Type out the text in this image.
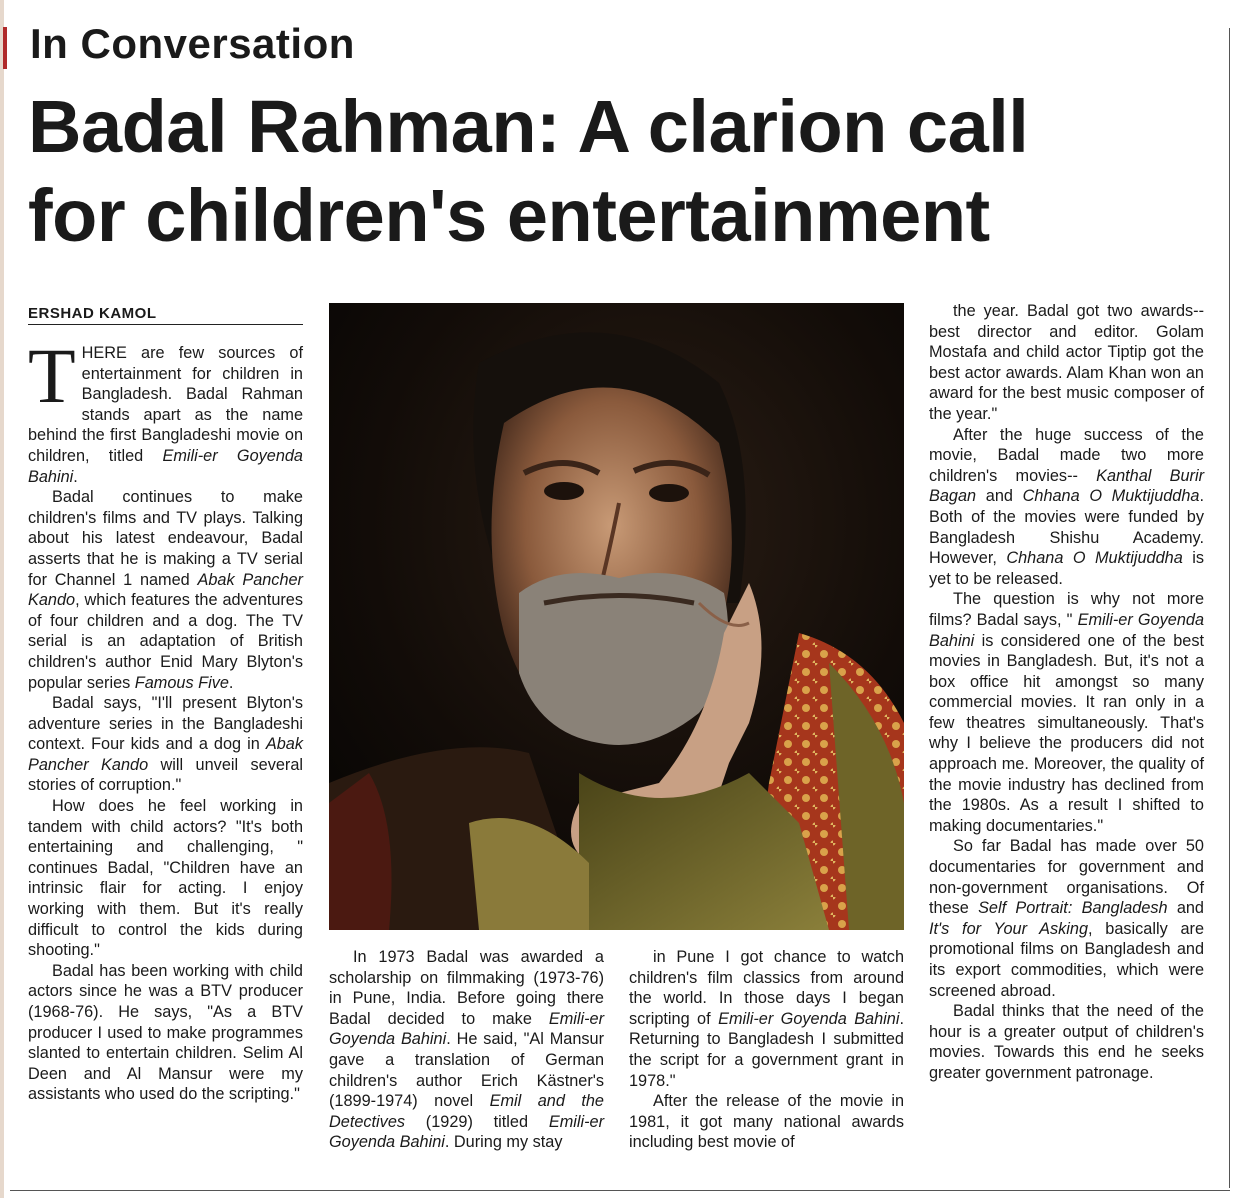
In Conversation
Badal Rahman: A clarion call
for children's entertainment
ERSHAD KAMOL

THERE are few sources of entertainment for children in Bangladesh. Badal Rahman stands apart as the name behind the first Bangladeshi movie on children, titled Emili-er Goyenda Bahini.

Badal continues to make children's films and TV plays. Talking about his latest endeavour, Badal asserts that he is making a TV serial for Channel 1 named Abak Pancher Kando, which features the adventures of four children and a dog. The TV serial is an adaptation of British children's author Enid Mary Blyton's popular series Famous Five.

Badal says, "I'll present Blyton's adventure series in the Bangladeshi context. Four kids and a dog in Abak Pancher Kando will unveil several stories of corruption."

How does he feel working in tandem with child actors? "It's both entertaining and challenging, " continues Badal, "Children have an intrinsic flair for acting. I enjoy working with them. But it's really difficult to control the kids during shooting."

Badal has been working with child actors since he was a BTV producer (1968-76). He says, "As a BTV producer I used to make programmes slanted to entertain children. Selim Al Deen and Al Mansur were my assistants who used do the scripting."

In 1973 Badal was awarded a scholarship on filmmaking (1973-76) in Pune, India. Before going there Badal decided to make Emili-er Goyenda Bahini. He said, "Al Mansur gave a translation of German children's author Erich Kästner's (1899-1974) novel Emil and the Detectives (1929) titled Emili-er Goyenda Bahini. During my stay

in Pune I got chance to watch children's film classics from around the world. In those days I began scripting of Emili-er Goyenda Bahini. Returning to Bangladesh I submitted the script for a government grant in 1978."

After the release of the movie in 1981, it got many national awards including best movie of

the year. Badal got two awards--best director and editor. Golam Mostafa and child actor Tiptip got the best actor awards. Alam Khan won an award for the best music composer of the year."

After the huge success of the movie, Badal made two more children's movies-- Kanthal Burir Bagan and Chhana O Muktijuddha. Both of the movies were funded by Bangladesh Shishu Academy. However, Chhana O Muktijuddha is yet to be released.

The question is why not more films? Badal says, " Emili-er Goyenda Bahini is considered one of the best movies in Bangladesh. But, it's not a box office hit amongst so many commercial movies. It ran only in a few theatres simultaneously. That's why I believe the producers did not approach me. Moreover, the quality of the movie industry has declined from the 1980s. As a result I shifted to making documentaries."

So far Badal has made over 50 documentaries for government and non-government organisations. Of these Self Portrait: Bangladesh and It's for Your Asking, basically are promotional films on Bangladesh and its export commodities, which were screened abroad.

Badal thinks that the need of the hour is a greater output of children's movies. Towards this end he seeks greater government patronage.
